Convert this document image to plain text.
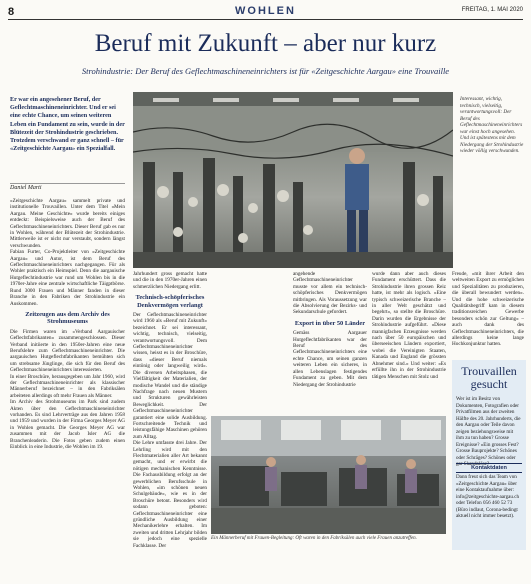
8	WOHLEN	FREITAG, 1. MAI 2020
Beruf mit Zukunft – aber nur kurz
Strohindustrie: Der Beruf des Geflechtmaschineneinrichters ist für «Zeitgeschichte Aargau» eine Trouvaille
Er war ein angesehener Beruf, der Geflechtmaschineneinrichter. Und er sei eine echte Chance, um seinen weiteren Leben ein Fundament zu sein, wurde in der Blütezeit der Strohindustrie geschrieben. Trotzdem verschwand er ganz schnell – für «Zeitgeschichte Aargau» ein Spezialfall.
Daniel Marti
«Zeitgeschichte Aargau» sammelt private und institutionelle Trouvaillen. Unter dem Titel «Mein Aargau. Meine Geschichte» wurde bereits einiges entdeckt: Beispielsweise auch der Beruf des Geflechtmaschineneinrichters. Dieser Beruf gab es nur in Wohlen, während der Blütezeit der Strohindustrie. Mittlerweile ist er nicht nur verstaubt, sondern längst verschwunden.
Fabian Furter, Co-Projektleiter von «Zeitgeschichte Aargau» und Autor, ist dem Beruf des Geflechtmaschineneinrichters nachgegangen. Für als Wohler praktisch ein Heimspiel. Denn die aargauische Hutgeflechtindustrie war rund um Wohlen bis in die 1970er-Jahre eine zentrale wirtschaftliche Täigptbörse. Rund 3000 Frauen und Männer fanden in dieser Branche in den Fabriken der Strohindustrie ein Auskommen.
Zeitzeugen aus dem Archiv des Strohmuseums
Die Firmen waren im «Verband Aargauischer Geflechtfabrikanten» zusammengeschlossen. Dieser Verband initiierte in den 1950er-Jahren eine neue Berufslehre zum Geflechtmaschineneinrichter. Die aargauischen Hutgeflechtfabrikanten bemühten sich um strebsame Jünglinge, die sich für den Beruf des Geflechtmaschineneinrichters interessierten.
In einer Broschüre, herausgegeben um Jahr 1960, wird der Geflechtmaschineneinrichter als klassischer Männerberuf bezeichnet – in den Fabriksälen arbeiteten allerdings oft mehr Frauen als Männer.
Im Archiv des Strohmuseums im Park sind zudem Akten über den Geflechtmaschineneinrichter vorhanden. Es sind Lehrverträge aus den Jahren 1958 und 1959 und wurden in der Firma Georges Meyer AG in Wohlen gemacht. Die Georges Meyer AG war zusammen mit der Jacob Isler AG die Branchenleaderin. Die Fotos geben zudem einen Einblick in eine Industrie, die Wohlen im 19.
Interessant, wichtig, technisch, vielseitig, verantwortungsvoll: Der Beruf des Geflechtmaschineneinrichters war einst hoch angesehen. Und ist spätestens mit dem Niedergang der Strohindustrie wieder völlig verschwunden.
Jahrhundert gross gemacht hatte und die in den 1970er-Jahren einen schmerzlichen Niedergang erlitt.
Technisch-schöpferisches Denkvermögen verlangt
Der Geflechtmaschineneinrichter wird 1960 als «Beruf mit Zukunft» bezeichnet. Er sei interessant, wichtig, technisch, vielseitig, verantwortungsvoll. Dem Geflechtmaschineneinrichter wissen, heisst es in der Broschüre, dass «dieser Beruf niemals eintönig oder langweilig wird». Die diversen Arbeitsphasen, die Vielfältigkeit der Materialien, der modische Wandel und die ständige Nachfrage nach neuen Mustern und Strukturen gewährleisten Beweglichkeit. Der Geflechtmaschineneinrichter garantiert eine solide Ausbildung. Fortschreitende Technik und leistungsfähige Maschinen gehören zum Alltag.
Die Lehre umfasste drei Jahre. Der Lehrling wird mit den Flechtmaterialien aller Art bekannt gemacht, und er erwirbt die nötigen mechanischen Kenntnisse. Die Fachausbildung erfolgt an der gewerblichen Berufsschule in Wohlen, «im schönen neuen Schulgebäude», wie es in der Broschüre betont. Besonders wird sodann geboten: Geflechtmaschineneinrichter eine gründliche Ausbildung einer Mechanikerlehre erhalten. Im zweiten und dritten Lehrjahr bilden sie jedoch eine spezielle Fachklasse. Der
angehende Geflechtmaschineneinrichter musste vor allem ein technisch-schöpferisches Denkvermögen mitbringen. Als Voraussetzung war die Absolvierung der Bezirks- und Sekundarschule gefordert.
Export in über 50 Länder
Gemäss Aargauer Hutgeflechtfabrikanten war der Beruf des Geflechtmaschineneinrichters eine echte Chance, um seinen ganzen weiteren Leben ein sicheres, in allen Lebenslagen festigendes Fundament zu geben. Mit dem Niedergang der Strohindustrie
wurde dann aber auch dieses Fundament erschüttert. Dass die Strohindustrie ihren grossen Reiz hatte, ist mehr als logisch. «Eine typisch schweizerische Branche – in aller Welt geschätzt und begehrt», so stellte die Broschüre. Darin wurden die Ergebnisse der Strohindustrie aufgeführt. «Diese mannigfachen Erzeugnisse werden nach über 50 europäischen und überseeischen Ländern exportiert, wobei die Vereinigten Staaten, Kanada und England die grössten Abnehmer sind.» Und weiter: «Es erfüllte ihn in der Strohindustrie tätigen Menschen mit Stolz und
Freude, «mit ihrer Arbeit den weltweiten Export zu ermöglichen und Spezialitäten zu produzieren, die überall bewundert werden». Und die hohe schweizerische Qualitätsbegriff kam in diesem traditionsreichen Gewerbe besonders schön zur Geltung» – auch dank des Geflechtmaschineneinrichters, die allerdings keine lange Hochkonjunktur hatten.
Ein Männerberuf mit Frauen-Begleitung: Oft waren in den Fabriksälen auch viele Frauen anzutreffen.
Trouvaillen gesucht
Wer ist im Besitz von Dokumenten, Fotografien oder Privatfilmen aus der zweiten Hälfte des 20. Jahrhunderts, die den Aargau oder Teile davon zeigen beziehungsweise mit ihm zu tun haben? Grosse Ereignisse? «Ein grosses Fest? Grosse Bauprojekte? Schönes oder Schräges? Schönes oder gar Skandalöse?
Kontaktdaten
Dann freut sich das Team von «Zeitgeschichte Aargau» über eine Kontaktaufnahme über: info@zeitgeschichte-aargau.ch oder Telefon 056 460 52 73 (Büro indlaut, Corona-bedingt aktuell nicht immer besetzt).
